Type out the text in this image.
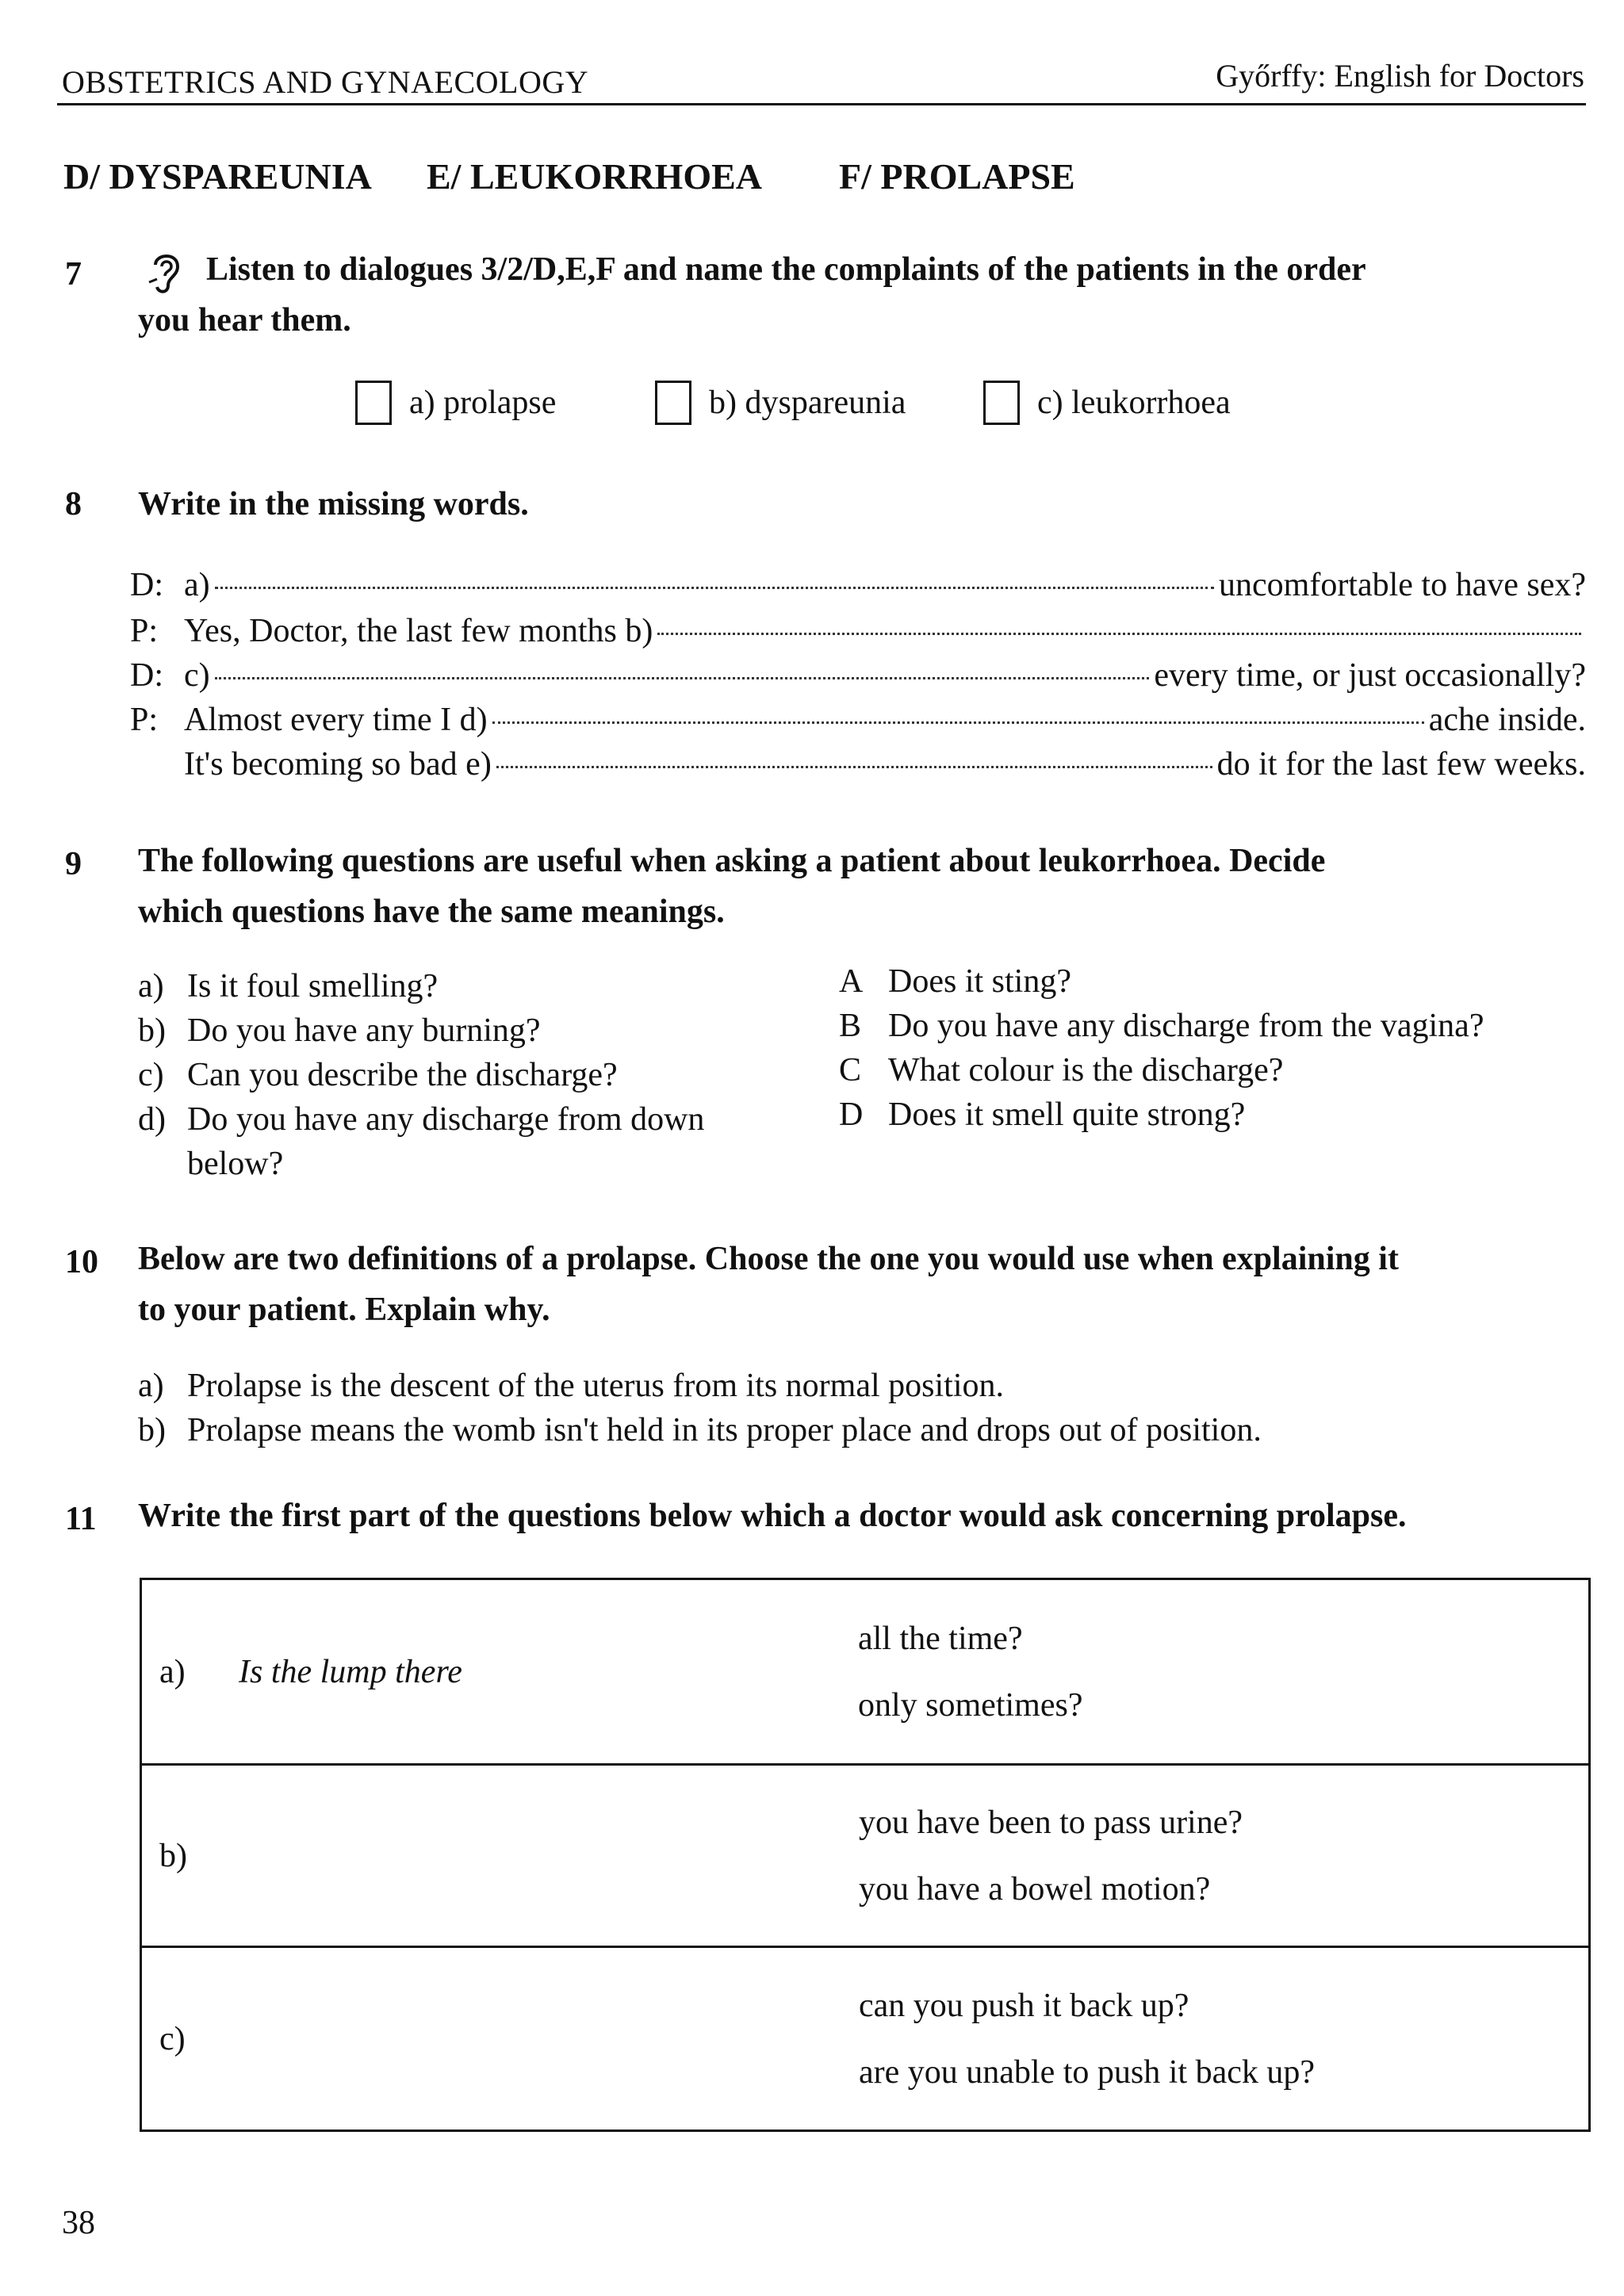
OBSTETRICS AND GYNAECOLOGY	Győrffy: English for Doctors
D/ DYSPAREUNIA E/ LEUKORRHOEA F/ PROLAPSE
7	Listen to dialogues 3/2/D,E,F and name the complaints of the patients in the order
you hear them.
a) prolapse	b) dyspareunia	c) leukorrhoea
8 Write in the missing words.
D: a)	uncomfortable to have sex?
P: Yes, Doctor, the last few months b)
D: c)	every time, or just occasionally?
P: Almost every time I d)	ache inside.
It's becoming so bad e)	do it for the last few weeks.
9 The following questions are useful when asking a patient about leukorrhoea. Decide
which questions have the same meanings.
a) Is it foul smelling?
b) Do you have any burning?
c) Can you describe the discharge?
d) Do you have any discharge from down
below?
A Does it sting?
B Do you have any discharge from the vagina?
C What colour is the discharge?
D Does it smell quite strong?
10 Below are two definitions of a prolapse. Choose the one you would use when explaining it
to your patient. Explain why.
a) Prolapse is the descent of the uterus from its normal position.
b) Prolapse means the womb isn't held in its proper place and drops out of position.
11 Write the first part of the questions below which a doctor would ask concerning prolapse.
a) Is the lump there	all the time?
only sometimes?

b)	you have been to pass urine?
you have a bowel motion?

c)	can you push it back up?
are you unable to push it back up?
38
